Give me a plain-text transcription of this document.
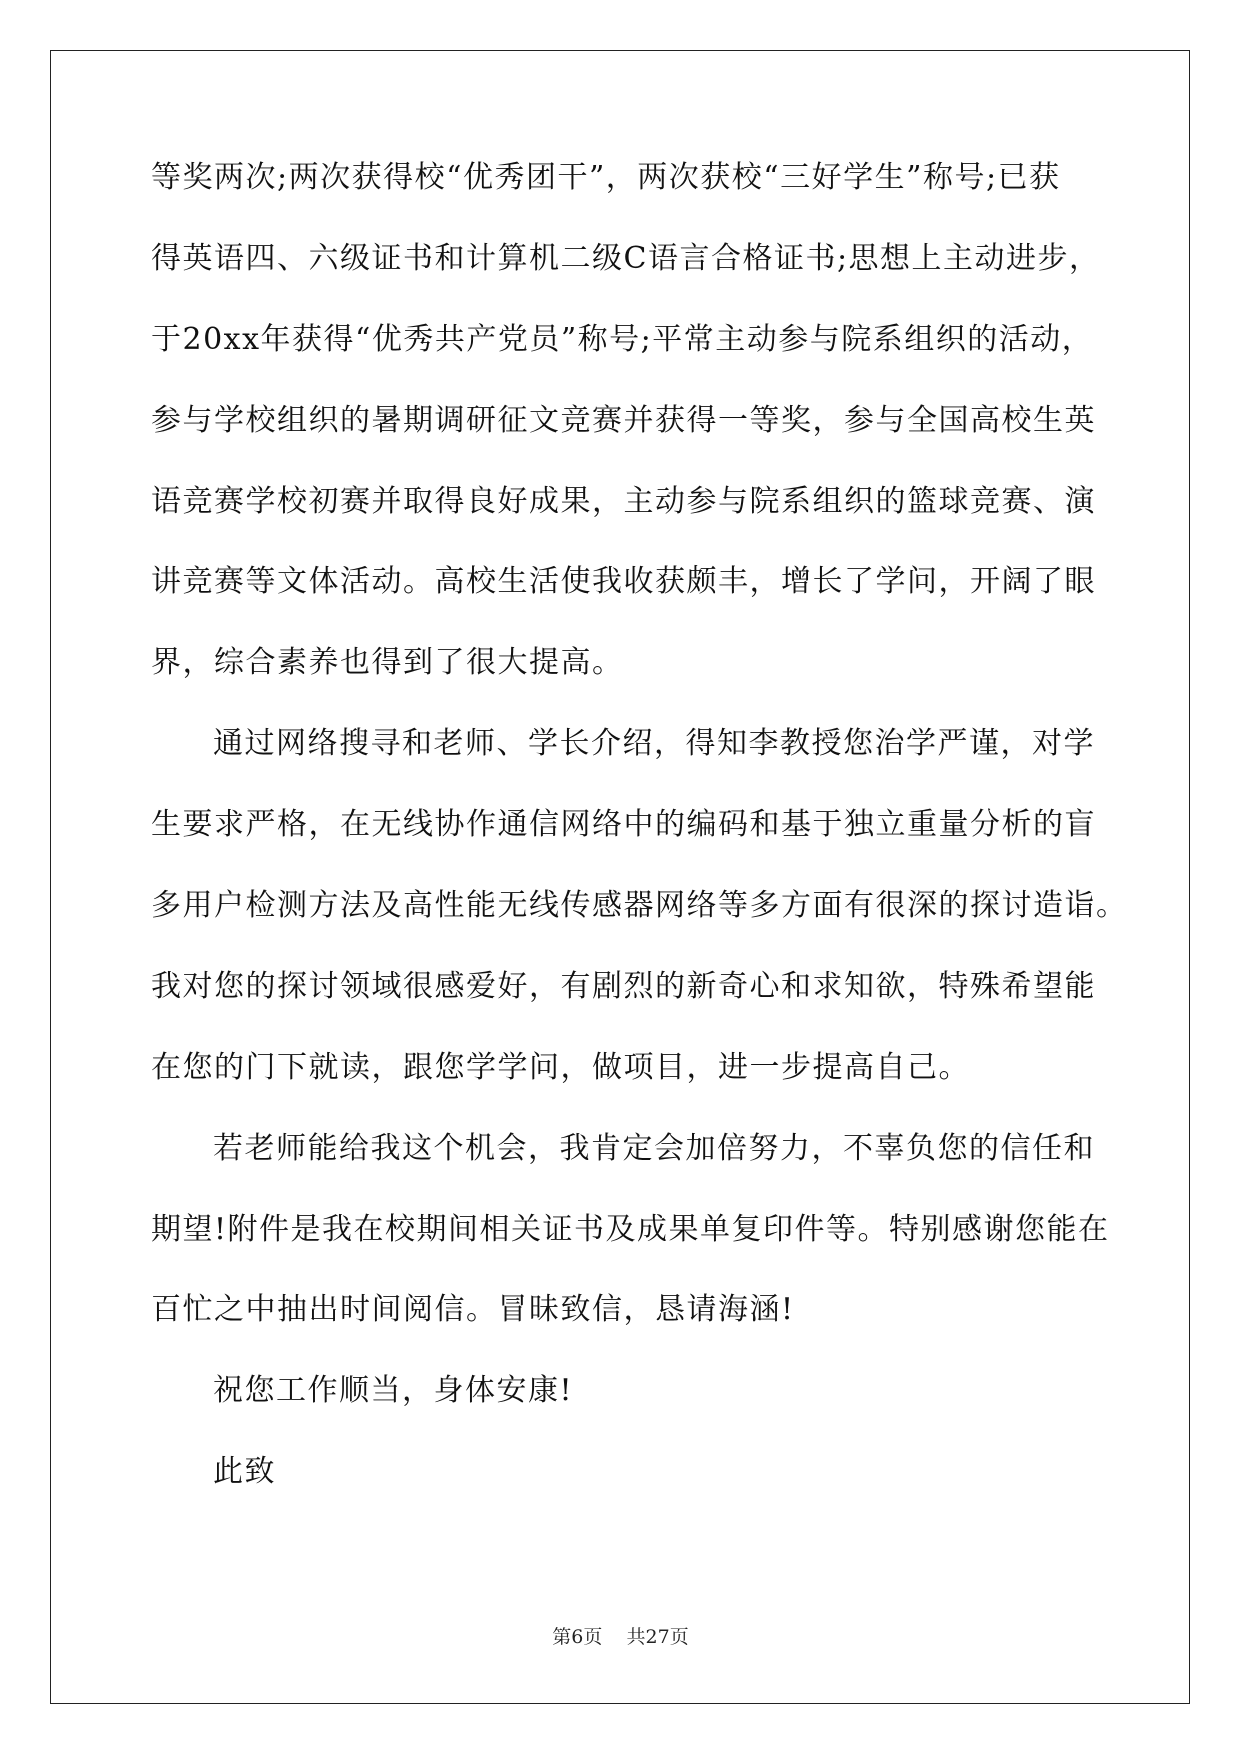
等奖两次;两次获得校“优秀团干”，两次获校“三好学生”称号;已获
得英语四、六级证书和计算机二级C语言合格证书;思想上主动进步，
于20xx年获得“优秀共产党员”称号;平常主动参与院系组织的活动，
参与学校组织的暑期调研征文竞赛并获得一等奖，参与全国高校生英
语竞赛学校初赛并取得良好成果，主动参与院系组织的篮球竞赛、演
讲竞赛等文体活动。高校生活使我收获颇丰，增长了学问，开阔了眼
界，综合素养也得到了很大提高。
通过网络搜寻和老师、学长介绍，得知李教授您治学严谨，对学
生要求严格，在无线协作通信网络中的编码和基于独立重量分析的盲
多用户检测方法及高性能无线传感器网络等多方面有很深的探讨造诣。
我对您的探讨领域很感爱好，有剧烈的新奇心和求知欲，特殊希望能
在您的门下就读，跟您学学问，做项目，进一步提高自己。
若老师能给我这个机会，我肯定会加倍努力，不辜负您的信任和
期望!附件是我在校期间相关证书及成果单复印件等。特别感谢您能在
百忙之中抽出时间阅信。冒昧致信，恳请海涵!
祝您工作顺当，身体安康!
此致
第6页 共27页
